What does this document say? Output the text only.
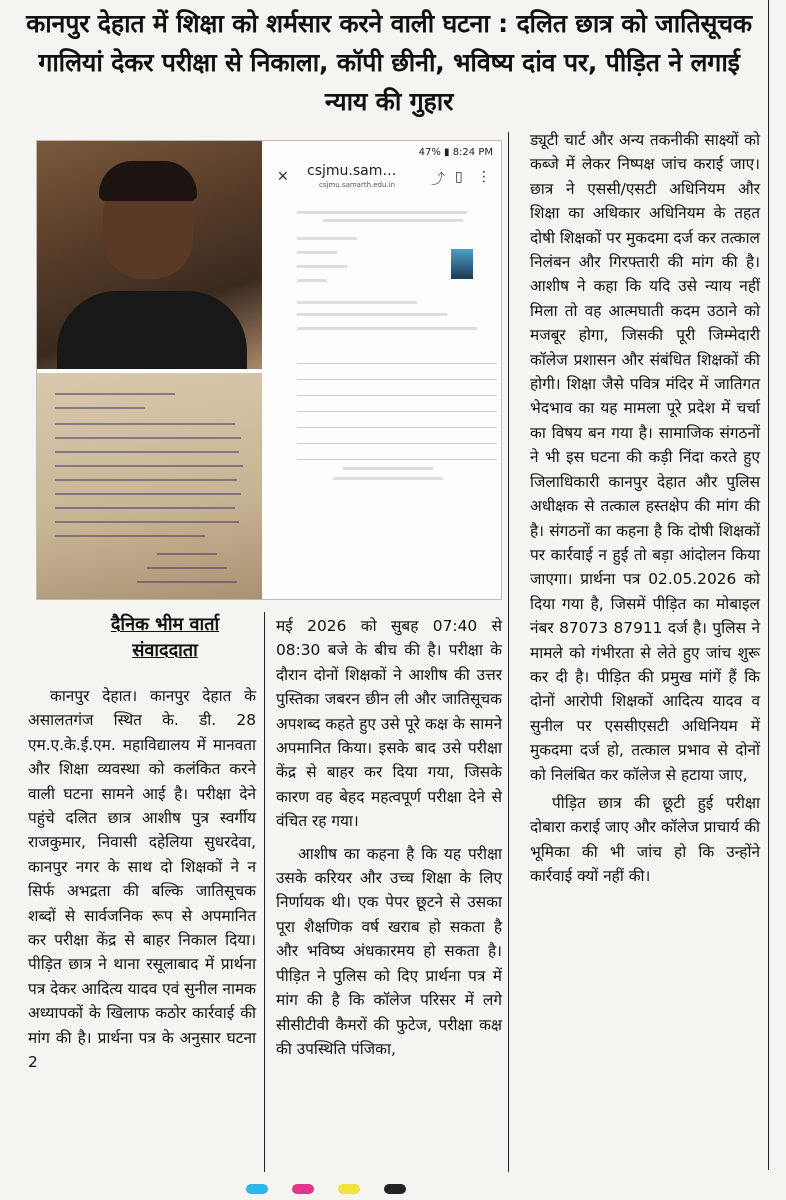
कानपुर देहात में शिक्षा को शर्मसार करने वाली घटना : दलित छात्र को जातिसूचक गालियां देकर परीक्षा से निकाला, कॉपी छीनी, भविष्य दांव पर, पीड़ित ने लगाई न्याय की गुहार
47% ▮ 8:24 PM
✕ csjmu.sam…
csjmu.samarth.edu.in	⤴ ▯ ⋮
दैनिक भीम वार्ता
संवाददाता

कानपुर देहात। कानपुर देहात के असालतगंज स्थित के. डी. 28 एम.ए.के.ई.एम. महाविद्यालय में मानवता और शिक्षा व्यवस्था को कलंकित करने वाली घटना सामने आई है। परीक्षा देने पहुंचे दलित छात्र आशीष पुत्र स्वर्गीय राजकुमार, निवासी दहेलिया सुधरदेवा, कानपुर नगर के साथ दो शिक्षकों ने न सिर्फ अभद्रता की बल्कि जातिसूचक शब्दों से सार्वजनिक रूप से अपमानित कर परीक्षा केंद्र से बाहर निकाल दिया। पीड़ित छात्र ने थाना रसूलाबाद में प्रार्थना पत्र देकर आदित्य यादव एवं सुनील नामक अध्यापकों के खिलाफ कठोर कार्रवाई की मांग की है। प्रार्थना पत्र के अनुसार घटना 2

मई 2026 को सुबह 07:40 से 08:30 बजे के बीच की है। परीक्षा के दौरान दोनों शिक्षकों ने आशीष की उत्तर पुस्तिका जबरन छीन ली और जातिसूचक अपशब्द कहते हुए उसे पूरे कक्ष के सामने अपमानित किया। इसके बाद उसे परीक्षा केंद्र से बाहर कर दिया गया, जिसके कारण वह बेहद महत्वपूर्ण परीक्षा देने से वंचित रह गया।

आशीष का कहना है कि यह परीक्षा उसके करियर और उच्च शिक्षा के लिए निर्णायक थी। एक पेपर छूटने से उसका पूरा शैक्षणिक वर्ष खराब हो सकता है और भविष्य अंधकारमय हो सकता है। पीड़ित ने पुलिस को दिए प्रार्थना पत्र में मांग की है कि कॉलेज परिसर में लगे सीसीटीवी कैमरों की फुटेज, परीक्षा कक्ष की उपस्थिति पंजिका,

ड्यूटी चार्ट और अन्य तकनीकी साक्ष्यों को कब्जे में लेकर निष्पक्ष जांच कराई जाए। छात्र ने एससी/एसटी अधिनियम और शिक्षा का अधिकार अधिनियम के तहत दोषी शिक्षकों पर मुकदमा दर्ज कर तत्काल निलंबन और गिरफ्तारी की मांग की है। आशीष ने कहा कि यदि उसे न्याय नहीं मिला तो वह आत्मघाती कदम उठाने को मजबूर होगा, जिसकी पूरी जिम्मेदारी कॉलेज प्रशासन और संबंधित शिक्षकों की होगी। शिक्षा जैसे पवित्र मंदिर में जातिगत भेदभाव का यह मामला पूरे प्रदेश में चर्चा का विषय बन गया है। सामाजिक संगठनों ने भी इस घटना की कड़ी निंदा करते हुए जिलाधिकारी कानपुर देहात और पुलिस अधीक्षक से तत्काल हस्तक्षेप की मांग की है। संगठनों का कहना है कि दोषी शिक्षकों पर कार्रवाई न हुई तो बड़ा आंदोलन किया जाएगा। प्रार्थना पत्र 02.05.2026 को दिया गया है, जिसमें पीड़ित का मोबाइल नंबर 87073 87911 दर्ज है। पुलिस ने मामले को गंभीरता से लेते हुए जांच शुरू कर दी है। पीड़ित की प्रमुख मांगें हैं कि दोनों आरोपी शिक्षकों आदित्य यादव व सुनील पर एससीएसटी अधिनियम में मुकदमा दर्ज हो, तत्काल प्रभाव से दोनों को निलंबित कर कॉलेज से हटाया जाए,

पीड़ित छात्र की छूटी हुई परीक्षा दोबारा कराई जाए और कॉलेज प्राचार्य की भूमिका की भी जांच हो कि उन्होंने कार्रवाई क्यों नहीं की।
